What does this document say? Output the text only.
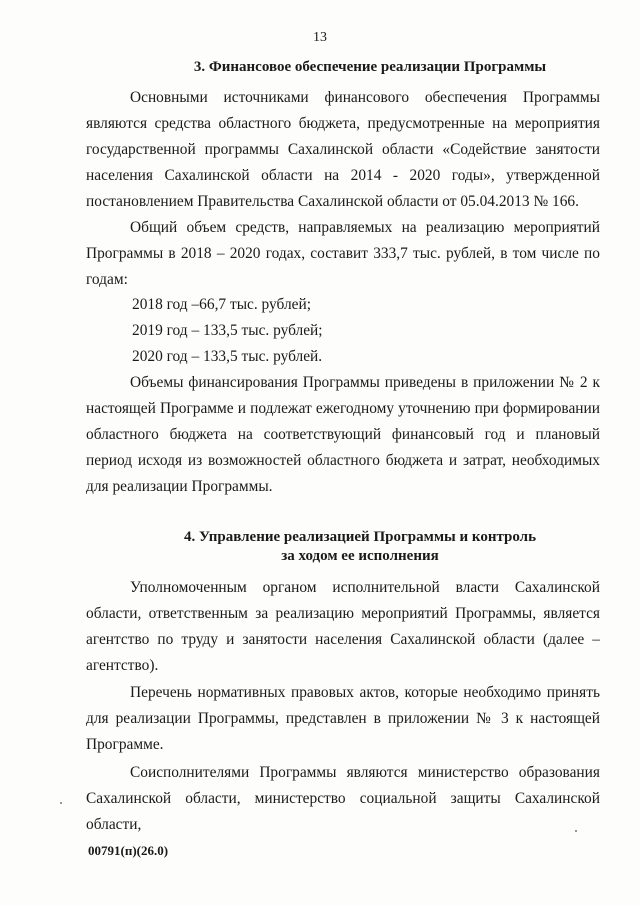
13
3. Финансовое обеспечение реализации Программы

Основными источниками финансового обеспечения Программы являются средства областного бюджета, предусмотренные на мероприятия государственной программы Сахалинской области «Содействие занятости населения Сахалинской области на 2014 - 2020 годы», утвержденной постановлением Правительства Сахалинской области от 05.04.2013 № 166.

Общий объем средств, направляемых на реализацию мероприятий Программы в 2018 – 2020 годах, составит 333,7 тыс. рублей, в том числе по годам:

2018 год –66,7 тыс. рублей;
2019 год – 133,5 тыс. рублей;
2020 год – 133,5 тыс. рублей.

Объемы финансирования Программы приведены в приложении № 2 к настоящей Программе и подлежат ежегодному уточнению при формировании областного бюджета на соответствующий финансовый год и плановый период исходя из возможностей областного бюджета и затрат, необходимых для реализации Программы.

4. Управление реализацией Программы и контроль
за ходом ее исполнения

Уполномоченным органом исполнительной власти Сахалинской области, ответственным за реализацию мероприятий Программы, является агентство по труду и занятости населения Сахалинской области (далее – агентство).

Перечень нормативных правовых актов, которые необходимо принять для реализации Программы, представлен в приложении № 3 к настоящей Программе.

Соисполнителями Программы являются министерство образования Сахалинской области, министерство социальной защиты Сахалинской области,

00791(п)(26.0)
